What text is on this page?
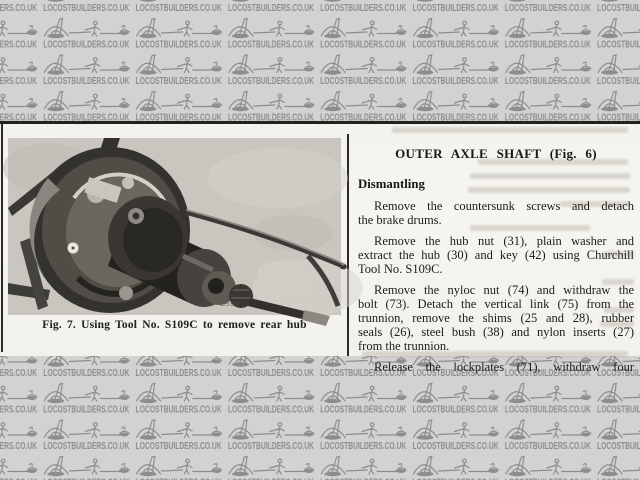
G550
Fig. 7. Using Tool No. S109C to remove rear hub
OUTER AXLE SHAFT (Fig. 6)
Dismantling
Remove the countersunk screws and detach
the brake drums.
Remove the hub nut (31), plain washer and
extract the hub (30) and key (42) using Churchill
Tool No. S109C.
Remove the nyloc nut (74) and withdraw the
bolt (73). Detach the vertical link (75) from the
trunnion, remove the shims (25 and 28), rubber
seals (26), steel bush (38) and nylon inserts (27)
from the trunnion.
Release the lockplates (71), withdraw four
